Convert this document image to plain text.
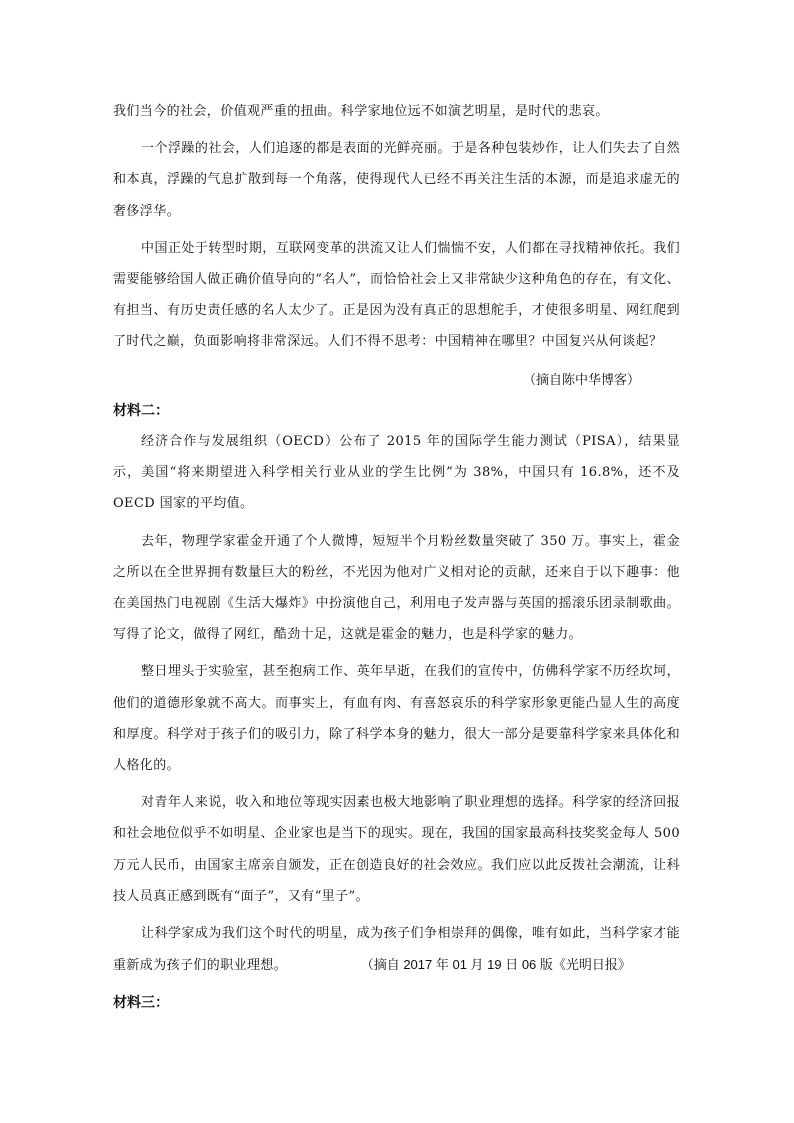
我们当今的社会，价值观严重的扭曲。科学家地位远不如演艺明星，是时代的悲哀。

一个浮躁的社会，人们追逐的都是表面的光鲜亮丽。于是各种包装炒作，让人们失去了自然和本真，浮躁的气息扩散到每一个角落，使得现代人已经不再关注生活的本源，而是追求虚无的奢侈浮华。

中国正处于转型时期，互联网变革的洪流又让人们惴惴不安，人们都在寻找精神依托。我们需要能够给国人做正确价值导向的“名人”，而恰恰社会上又非常缺少这种角色的存在，有文化、有担当、有历史责任感的名人太少了。正是因为没有真正的思想舵手，才使很多明星、网红爬到了时代之巅，负面影响将非常深远。人们不得不思考：中国精神在哪里？中国复兴从何谈起？

（摘自陈中华博客）

材料二：

经济合作与发展组织（OECD）公布了 2015 年的国际学生能力测试（PISA），结果显示，美国“将来期望进入科学相关行业从业的学生比例”为 38%，中国只有 16.8%，还不及 OECD 国家的平均值。

去年，物理学家霍金开通了个人微博，短短半个月粉丝数量突破了 350 万。事实上，霍金之所以在全世界拥有数量巨大的粉丝，不光因为他对广义相对论的贡献，还来自于以下趣事：他在美国热门电视剧《生活大爆炸》中扮演他自己，利用电子发声器与英国的摇滚乐团录制歌曲。写得了论文，做得了网红，酷劲十足，这就是霍金的魅力，也是科学家的魅力。

整日埋头于实验室，甚至抱病工作、英年早逝，在我们的宣传中，仿佛科学家不历经坎坷，他们的道德形象就不高大。而事实上，有血有肉、有喜怒哀乐的科学家形象更能凸显人生的高度和厚度。科学对于孩子们的吸引力，除了科学本身的魅力，很大一部分是要靠科学家来具体化和人格化的。

对青年人来说，收入和地位等现实因素也极大地影响了职业理想的选择。科学家的经济回报和社会地位似乎不如明星、企业家也是当下的现实。现在，我国的国家最高科技奖奖金每人 500 万元人民币，由国家主席亲自颁发，正在创造良好的社会效应。我们应以此反拨社会潮流，让科技人员真正感到既有“面子”，又有“里子”。

让科学家成为我们这个时代的明星，成为孩子们争相崇拜的偶像，唯有如此，当科学家才能重新成为孩子们的职业理想。	（摘自 2017 年 01 月 19 日 06 版《光明日报》

材料三：
